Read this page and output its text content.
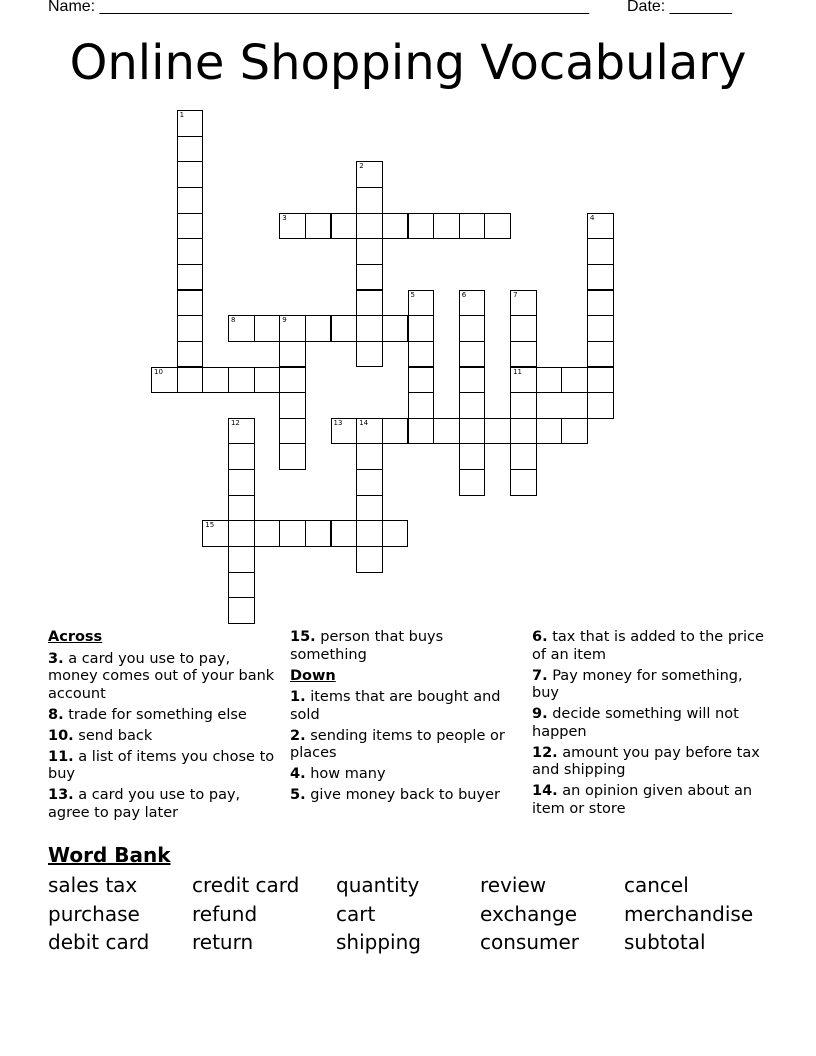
Name: _______________________________________________________ Date: _______
Online Shopping Vocabulary
3
8	9
10	11
13 14
15
1
2
4
5	6	7
12
Across
3. a card you use to pay, money comes out of your bank account
8. trade for something else
10. send back
11. a list of items you chose to buy
13. a card you use to pay, agree to pay later
15. person that buys something
Down
1. items that are bought and sold
2. sending items to people or places
4. how many
5. give money back to buyer
6. tax that is added to the price of an item
7. Pay money for something, buy
9. decide something will not happen
12. amount you pay before tax and shipping
14. an opinion given about an item or store
Word Bank
sales tax	credit card	quantity	review	cancel
purchase	refund	cart	exchange	merchandise
debit card	return	shipping	consumer	subtotal
